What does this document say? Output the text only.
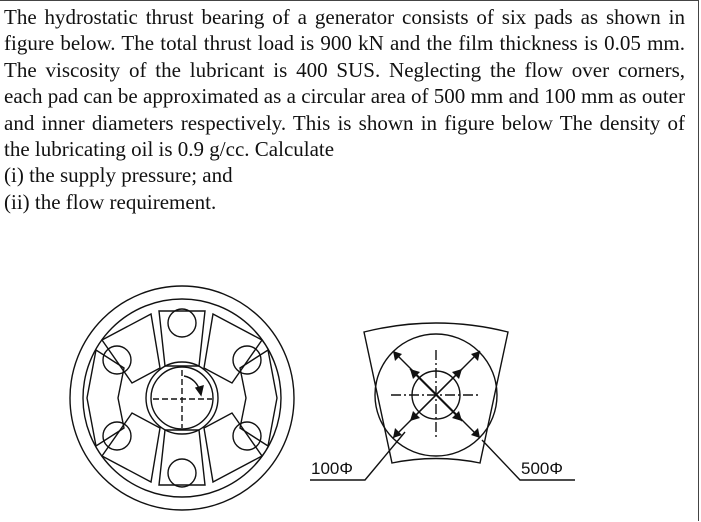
The hydrostatic thrust bearing of a generator consists of six pads as shown in figure below. The total thrust load is 900 kN and the film thickness is 0.05 mm. The viscosity of the lubricant is 400 SUS. Neglecting the flow over corners, each pad can be approximated as a circular area of 500 mm and 100 mm as outer and inner diameters respectively. This is shown in figure below The density of the lubricating oil is 0.9 g/cc. Calculate

(i) the supply pressure; and

(ii) the flow requirement.

100Φ	500Φ
